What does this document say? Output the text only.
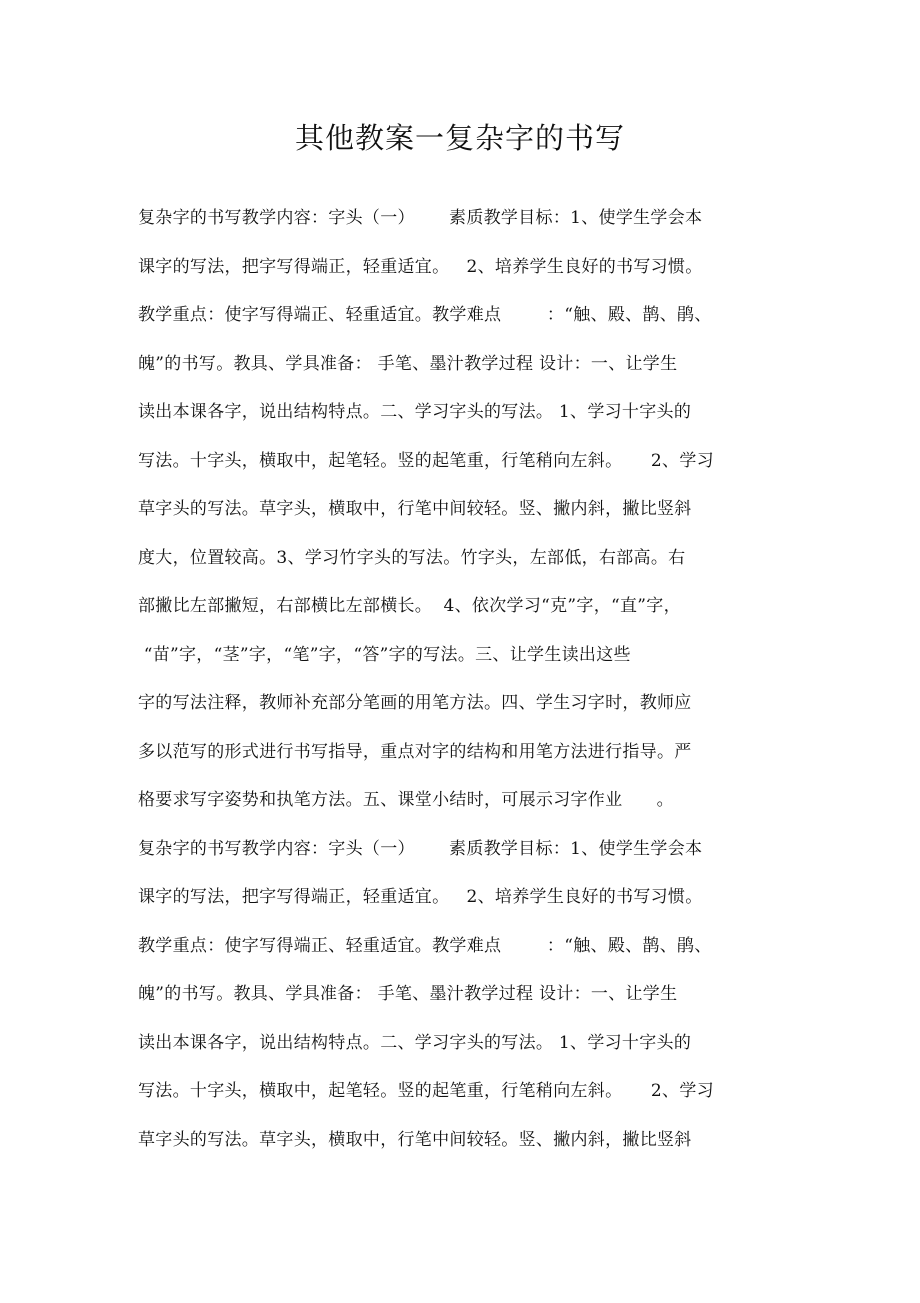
其他教案一复杂字的书写
复杂字的书写教学内容：字头（一）      素质教学目标：1、使学生学会本
课字的写法，把字写得端正，轻重适宜。   2、培养学生良好的书写习惯。
教学重点：使字写得端正、轻重适宜。教学难点        ：“触、殿、鹊、鹃、
魄”的书写。教具、学具准备： 手笔、墨汁教学过程 设计：一、让学生
读出本课各字，说出结构特点。二、学习字头的写法。 1、学习十字头的
写法。十字头，横取中，起笔轻。竖的起笔重，行笔稍向左斜。     2、学习
草字头的写法。草字头，横取中，行笔中间较轻。竖、撇内斜，撇比竖斜
度大，位置较高。3、学习竹字头的写法。竹字头，左部低，右部高。右
部撇比左部撇短，右部横比左部横长。  4、依次学习“克”字，“直”字，
“苗”字，“茎”字，“笔”字，“答”字的写法。三、让学生读出这些
字的写法注释，教师补充部分笔画的用笔方法。四、学生习字时，教师应
多以范写的形式进行书写指导，重点对字的结构和用笔方法进行指导。严
格要求写字姿势和执笔方法。五、课堂小结时，可展示习字作业      。
复杂字的书写教学内容：字头（一）      素质教学目标：1、使学生学会本
课字的写法，把字写得端正，轻重适宜。   2、培养学生良好的书写习惯。
教学重点：使字写得端正、轻重适宜。教学难点        ：“触、殿、鹊、鹃、
魄”的书写。教具、学具准备： 手笔、墨汁教学过程 设计：一、让学生
读出本课各字，说出结构特点。二、学习字头的写法。 1、学习十字头的
写法。十字头，横取中，起笔轻。竖的起笔重，行笔稍向左斜。     2、学习
草字头的写法。草字头，横取中，行笔中间较轻。竖、撇内斜，撇比竖斜
